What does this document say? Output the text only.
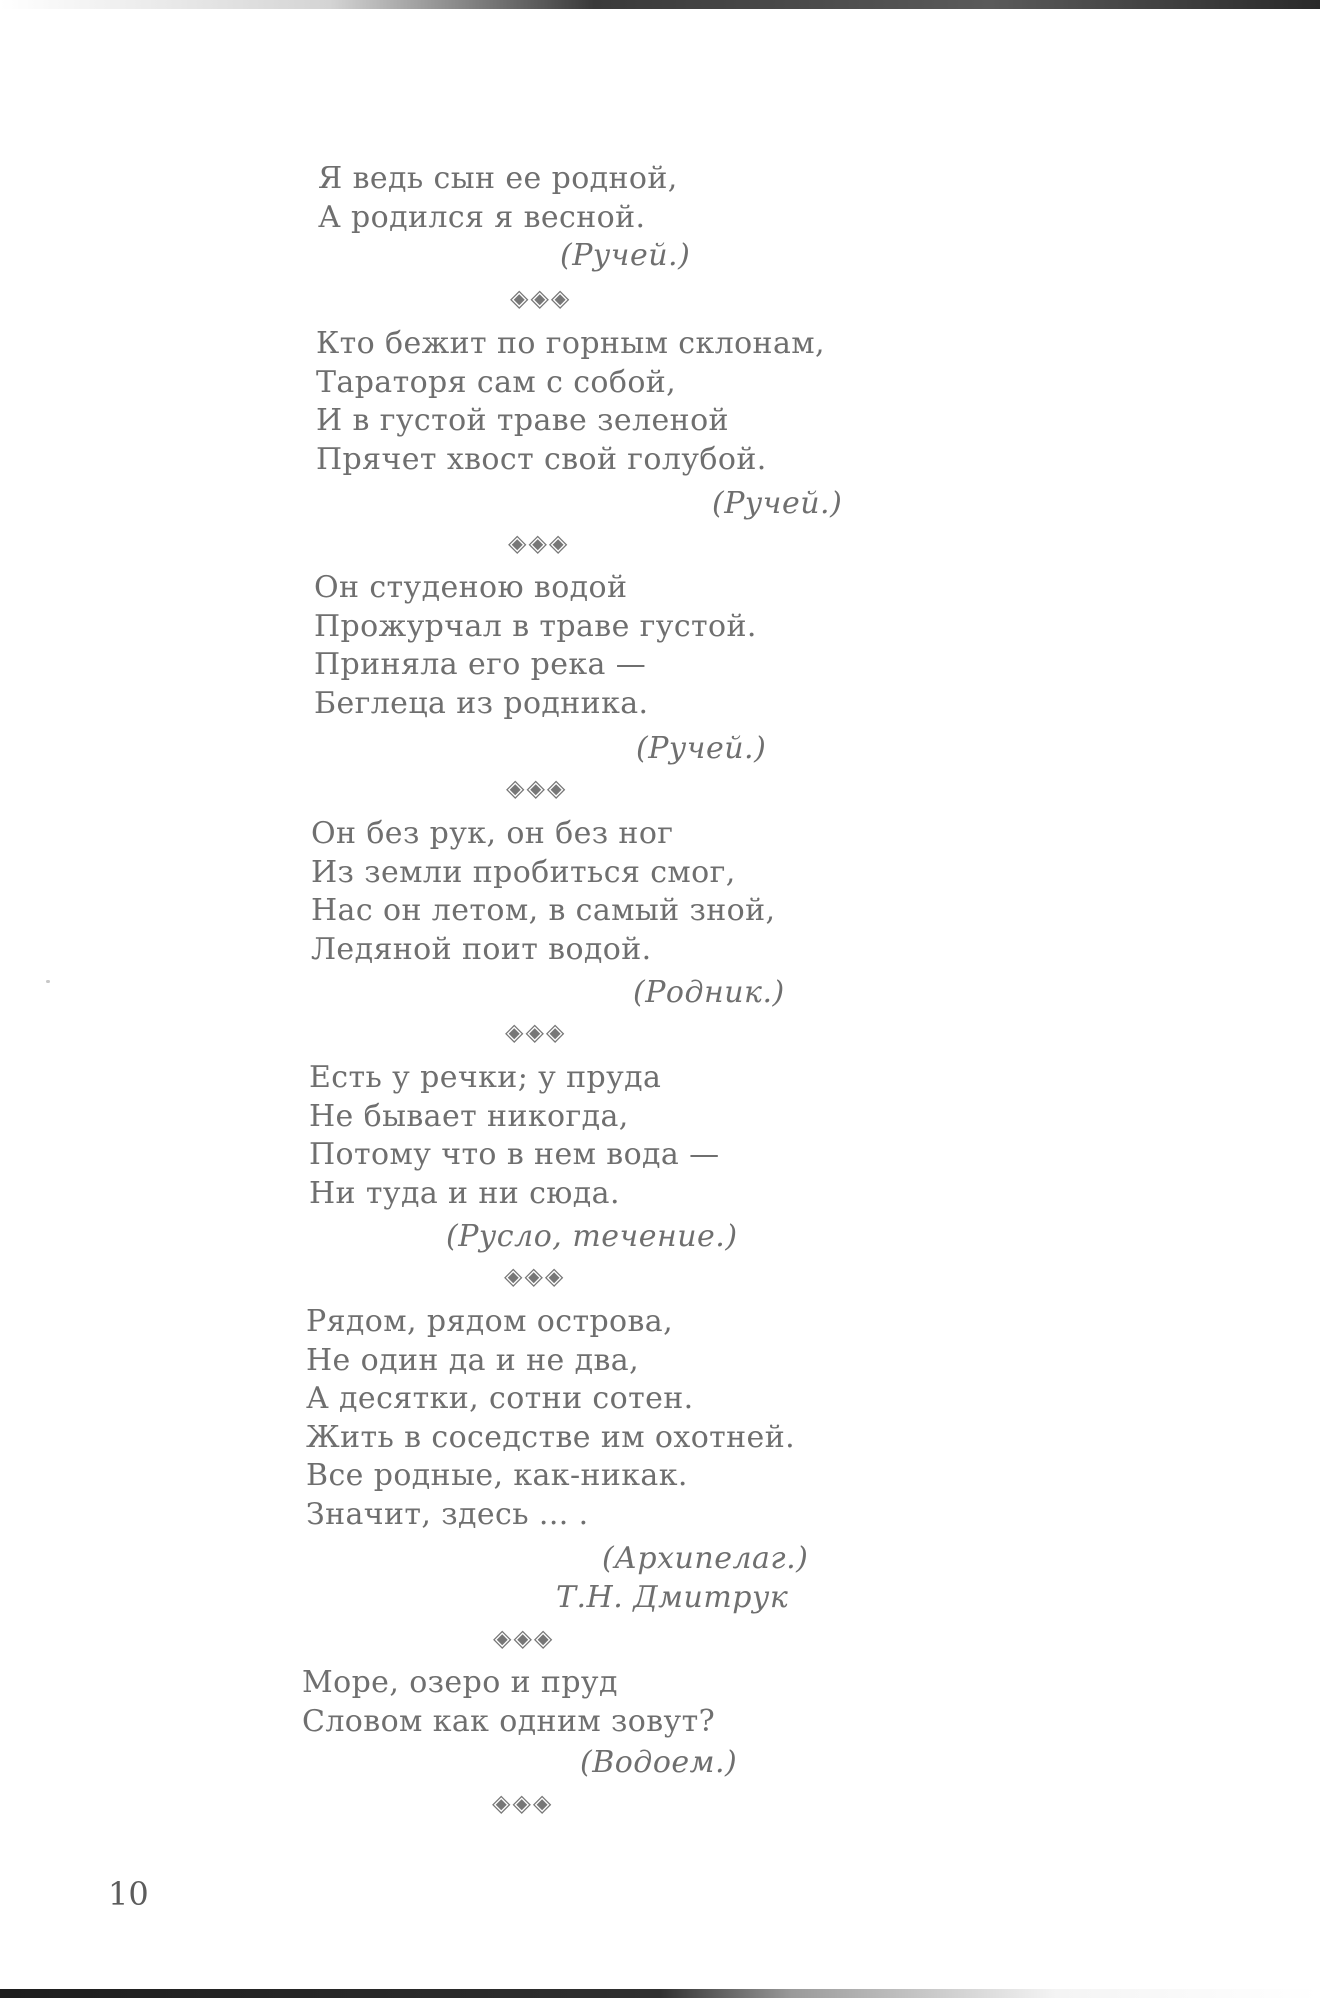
Я ведь сын ее родной,
А родился я весной.
(Ручей.)
◈◈◈
Кто бежит по горным склонам,
Тараторя сам с собой,
И в густой траве зеленой
Прячет хвост свой голубой.
(Ручей.)
◈◈◈
Он студеною водой
Прожурчал в траве густой.
Приняла его река —
Беглеца из родника.
(Ручей.)
◈◈◈
Он без рук, он без ног
Из земли пробиться смог,
Нас он летом, в самый зной,
Ледяной поит водой.
(Родник.)
◈◈◈
Есть у речки; у пруда
Не бывает никогда,
Потому что в нем вода —
Ни туда и ни сюда.
(Русло, течение.)
◈◈◈
Рядом, рядом острова,
Не один да и не два,
А десятки, сотни сотен.
Жить в соседстве им охотней.
Все родные, как-никак.
Значит, здесь ... .
(Архипелаг.)
Т.Н. Дмитрук
◈◈◈
Море, озеро и пруд
Словом как одним зовут?
(Водоем.)
◈◈◈
10
